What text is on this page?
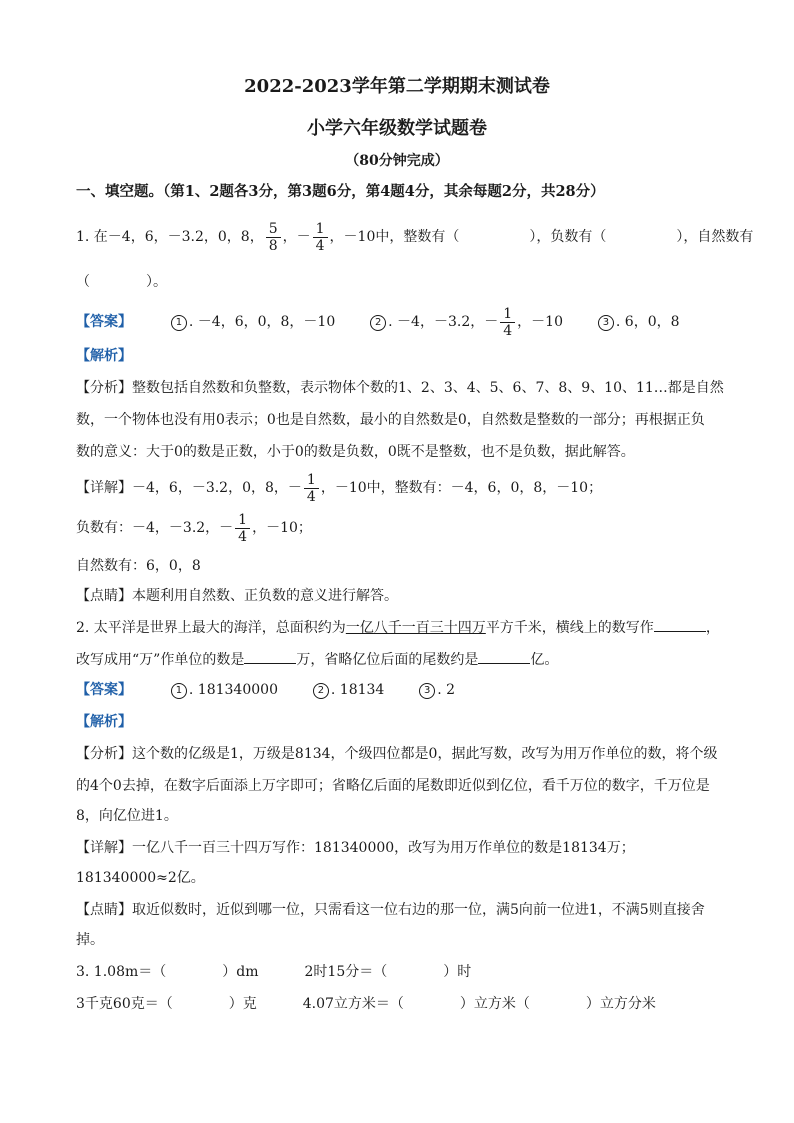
2022-2023学年第二学期期末测试卷
小学六年级数学试题卷
（80分钟完成）
一、填空题。（第1、2题各3分，第3题6分，第4题4分，其余每题2分，共28分）
1. 在－4，6，－3.2，0，8， $\frac{5}{8}$ ，－ $\frac{1}{4}$ ，－10中，整数有（　　　　　），负数有（　　　　　），自然数有
（　　　　）。
【答案】	1 . －4，6，0，8，－10	2 . －4，－3.2，－ $\frac{1}{4}$ ，－10	3 . 6，0，8
【解析】
【分析】整数包括自然数和负整数，表示物体个数的1、2、3、4、5、6、7、8、9、10、11…都是自然
数，一个物体也没有用0表示；0也是自然数，最小的自然数是0，自然数是整数的一部分；再根据正负
数的意义：大于0的数是正数，小于0的数是负数，0既不是整数，也不是负数，据此解答。
【详解】－4，6，－3.2，0，8，－ $\frac{1}{4}$ ，－10中，整数有：－4，6，0，8，－10；
负数有：－4，－3.2，－ $\frac{1}{4}$ ，－10；
自然数有：6，0，8
【点睛】本题利用自然数、正负数的意义进行解答。
2. 太平洋是世界上最大的海洋，总面积约为一亿八千一百三十四万平方千米，横线上的数写作	，
改写成用“万”作单位的数是	万，省略亿位后面的尾数约是	亿。
【答案】	1 . 181340000	2 . 18134	3 . 2
【解析】
【分析】这个数的亿级是1，万级是8134，个级四位都是0，据此写数，改写为用万作单位的数，将个级
的4个0去掉，在数字后面添上万字即可；省略亿后面的尾数即近似到亿位，看千万位的数字，千万位是
8，向亿位进1。
【详解】一亿八千一百三十四万写作：181340000，改写为用万作单位的数是18134万；
181340000≈2亿。
【点睛】取近似数时，近似到哪一位，只需看这一位右边的那一位，满5向前一位进1，不满5则直接舍
掉。
3. 1.08m＝（　　　　）dm	2时15分＝（　　　　）时
3千克60克＝（　　　　）克	4.07立方米＝（　　　　）立方米（　　　　）立方分米
